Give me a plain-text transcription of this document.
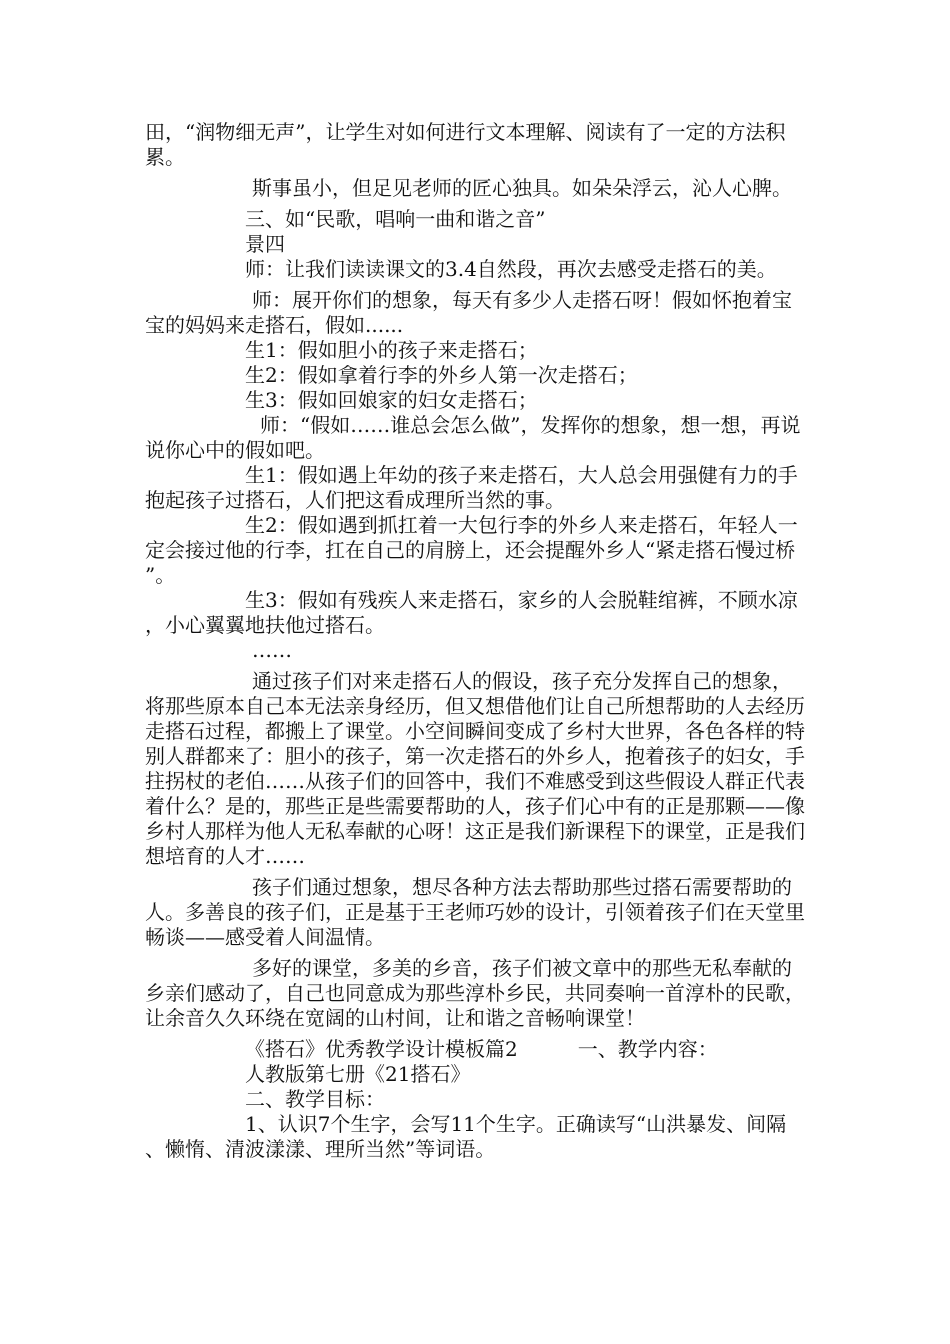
田，“润物细无声”，让学生对如何进行文本理解、阅读有了一定的方法积累。

斯事虽小，但足见老师的匠心独具。如朵朵浮云，沁人心脾。

三、如“民歌，唱响一曲和谐之音”

景四

师：让我们读读课文的3.4自然段，再次去感受走搭石的美。

师：展开你们的想象，每天有多少人走搭石呀！假如怀抱着宝宝的妈妈来走搭石，假如......

生1：假如胆小的孩子来走搭石；

生2：假如拿着行李的外乡人第一次走搭石；

生3：假如回娘家的妇女走搭石；

师：“假如……谁总会怎么做”，发挥你的想象，想一想，再说说你心中的假如吧。

生1：假如遇上年幼的孩子来走搭石，大人总会用强健有力的手抱起孩子过搭石，人们把这看成理所当然的事。

生2：假如遇到抓扛着一大包行李的外乡人来走搭石，年轻人一定会接过他的行李，扛在自己的肩膀上，还会提醒外乡人“紧走搭石慢过桥”。

生3：假如有残疾人来走搭石，家乡的人会脱鞋绾裤，不顾水凉，小心翼翼地扶他过搭石。

……

通过孩子们对来走搭石人的假设，孩子充分发挥自己的想象，将那些原本自己本无法亲身经历，但又想借他们让自己所想帮助的人去经历走搭石过程，都搬上了课堂。小空间瞬间变成了乡村大世界，各色各样的特别人群都来了：胆小的孩子，第一次走搭石的外乡人，抱着孩子的妇女，手拄拐杖的老伯……从孩子们的回答中，我们不难感受到这些假设人群正代表着什么？是的，那些正是些需要帮助的人，孩子们心中有的正是那颗——像乡村人那样为他人无私奉献的心呀！这正是我们新课程下的课堂，正是我们想培育的人才……

孩子们通过想象，想尽各种方法去帮助那些过搭石需要帮助的人。多善良的孩子们，正是基于王老师巧妙的设计，引领着孩子们在天堂里畅谈——感受着人间温情。

多好的课堂，多美的乡音，孩子们被文章中的那些无私奉献的乡亲们感动了，自己也同意成为那些淳朴乡民，共同奏响一首淳朴的民歌，让余音久久环绕在宽阔的山村间，让和谐之音畅响课堂！

《搭石》优秀教学设计模板篇2	一、教学内容：

人教版第七册《21搭石》

二、教学目标：

1、认识7个生字，会写11个生字。正确读写“山洪暴发、间隔、懒惰、清波漾漾、理所当然”等词语。
